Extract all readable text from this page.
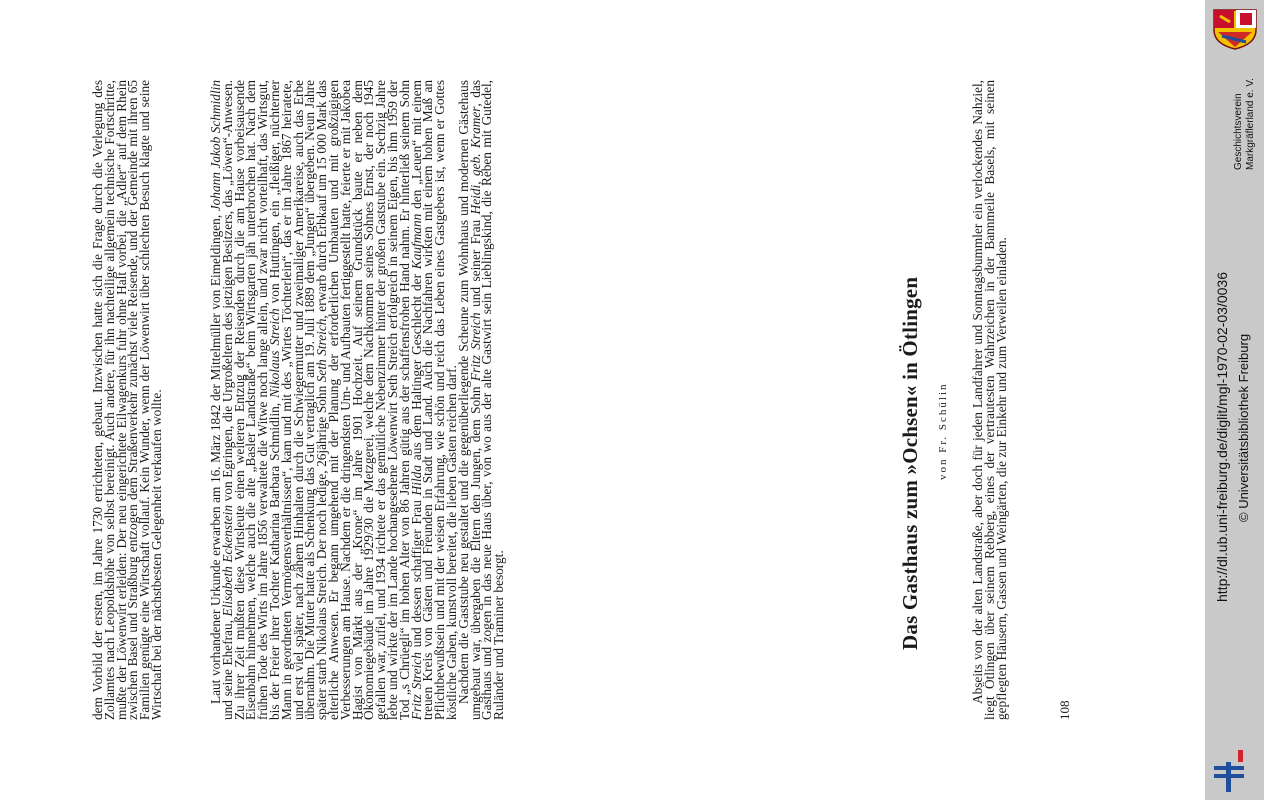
dem Vorbild der ersten, im Jahre 1730 errichteten, gebaut. Inzwischen hatte sich die Frage durch die Verlegung des Zollamtes nach Leopoldshöhe von selbst bereinigt. Auch andere, für ihn nachteilige allgemein technische Fortschritte, mußte der Löwenwirt erleiden: Der neu eingerichtete Eilwagenkurs fuhr ohne Halt vorbei, die „Adler“ auf dem Rhein zwischen Basel und Straßburg entzogen dem Straßenverkehr zunächst viele Reisende, und der Gemeinde mit ihren 65 Familien genügte eine Wirtschaft vollauf. Kein Wunder, wenn der Löwenwirt über schlechten Besuch klagte und seine Wirtschaft bei der nächstbesten Gelegenheit verkaufen wollte.	Laut vorhandener Urkunde erwarben am 16. März 1842 der Mittelmüller von Eimeldingen, Johann Jakob Schmidlin und seine Ehefrau, Elisabeth Eckenstein von Egringen, die Urgroßeltern des jetzigen Besitzers, das „Löwen“-Anwesen. Zu ihrer Zeit mußten diese Wirtsleute einen weiteren Entzug der Reisenden durch die am Hause vorbeisausende Eisenbahn hinnehmen, welche auch die alte „Basler Landstraße“ beim Wirtsgarten jäh unterbrochen hat. Nach dem frühen Tode des Wirts im Jahre 1856 verwaltete die Witwe noch lange allein, und zwar nicht vorteilhaft, das Wirtsgut, bis der Freier ihrer Tochter Katharina Barbara Schmidlin, Nikolaus Streich von Huttingen, ein „fleißiger, nüchterner Mann in geordneten Vermögensverhältnissen“, kam und mit des „Wirtes Töchterlein“, das er im Jahre 1867 heiratete, und erst viel später, nach zähem Hinhalten durch die Schwiegermutter und zweimaliger Amerikareise, auch das Erbe übernahm. Die Mutter hatte als Schenkung das Gut vertraglich am 19. Juli 1889 dem „Jungen“ übergeben. Neun Jahre später starb Nikolaus Streich. Der noch ledige, 26jährige Sohn Seth Streich, erwarb durch Erbkauf um 15 000 Mark das elterliche Anwesen. Er begann umgehend mit der Planung der erforderlichen Umbauten und mit großzügigen Verbesserungen am Hause. Nachdem er die dringendsten Um- und Aufbauten fertiggestellt hatte, feierte er mit Jakobea Hagist von Märkt aus der „Krone“ im Jahre 1901 Hochzeit. Auf seinem Grundstück baute er neben dem Ökonomiegebäude im Jahre 1929/30 die Metzgerei, welche dem Nachkommen seines Sohnes Ernst, der noch 1945 gefallen war, zufiel, und 1934 richtete er das gemütliche Nebenzimmer hinter der großen Gaststube ein. Sechzig Jahre lebte und wirkte der im Lande hochangesehene Löwenwirt Seth Streich erfolgreich in seinem Eigen, bis ihm 1959 der Tod „s Chrüegli“ im hohen Alter von 86 Jahren gütig aus der schaffensfrohen Hand nahm. Er hinterließ seinem Sohn Fritz Streich und dessen schaffiger Frau Hilda aus dem Haltinger Geschlecht der Kaufmann den „Leuen“ mit einem treuen Kreis von Gästen und Freunden in Stadt und Land. Auch die Nachfahren wirkten mit einem hohen Maß an Pflichtbewußtsein und mit der weisen Erfahrung, wie schön und reich das Leben eines Gastgebers ist, wenn er Gottes köstliche Gaben, kunstvoll bereitet, die lieben Gästen reichen darf.

Nachdem die Gaststube neu gestaltet und die gegenüberliegende Scheune zum Wohnhaus und modernen Gästehaus umgebaut war, übergaben die Eltern den Jungen, dem Sohn Fritz Streich und seiner Frau Heidi, geb. Kramer, das Gasthaus und zogen in das neue Haus über, von wo aus der alte Gastwirt sein Lieblingskind, die Reben mit Gutedel, Ruländer und Traminer besorgt.	Das Gasthaus zum »Ochsen« in Ötlingen von Fr. Schülin Abseits von der alten Landstraße, aber doch für jeden Landfahrer und Sonntagsbummler ein verlockendes Nahziel, liegt Ötlingen über seinem Rebberg, eines der vertrautesten Wahrzeichen in der Bannmeile Basels, mit seinen gepflegten Häusern, Gassen und Weingärten, die zur Einkehr und zum Verweilen einladen.	108

Geschichtsverein Markgräflerland e. V.
http://dl.ub.uni-freiburg.de/diglit/mgl-1970-02-03/0036 © Universitätsbibliothek Freiburg
